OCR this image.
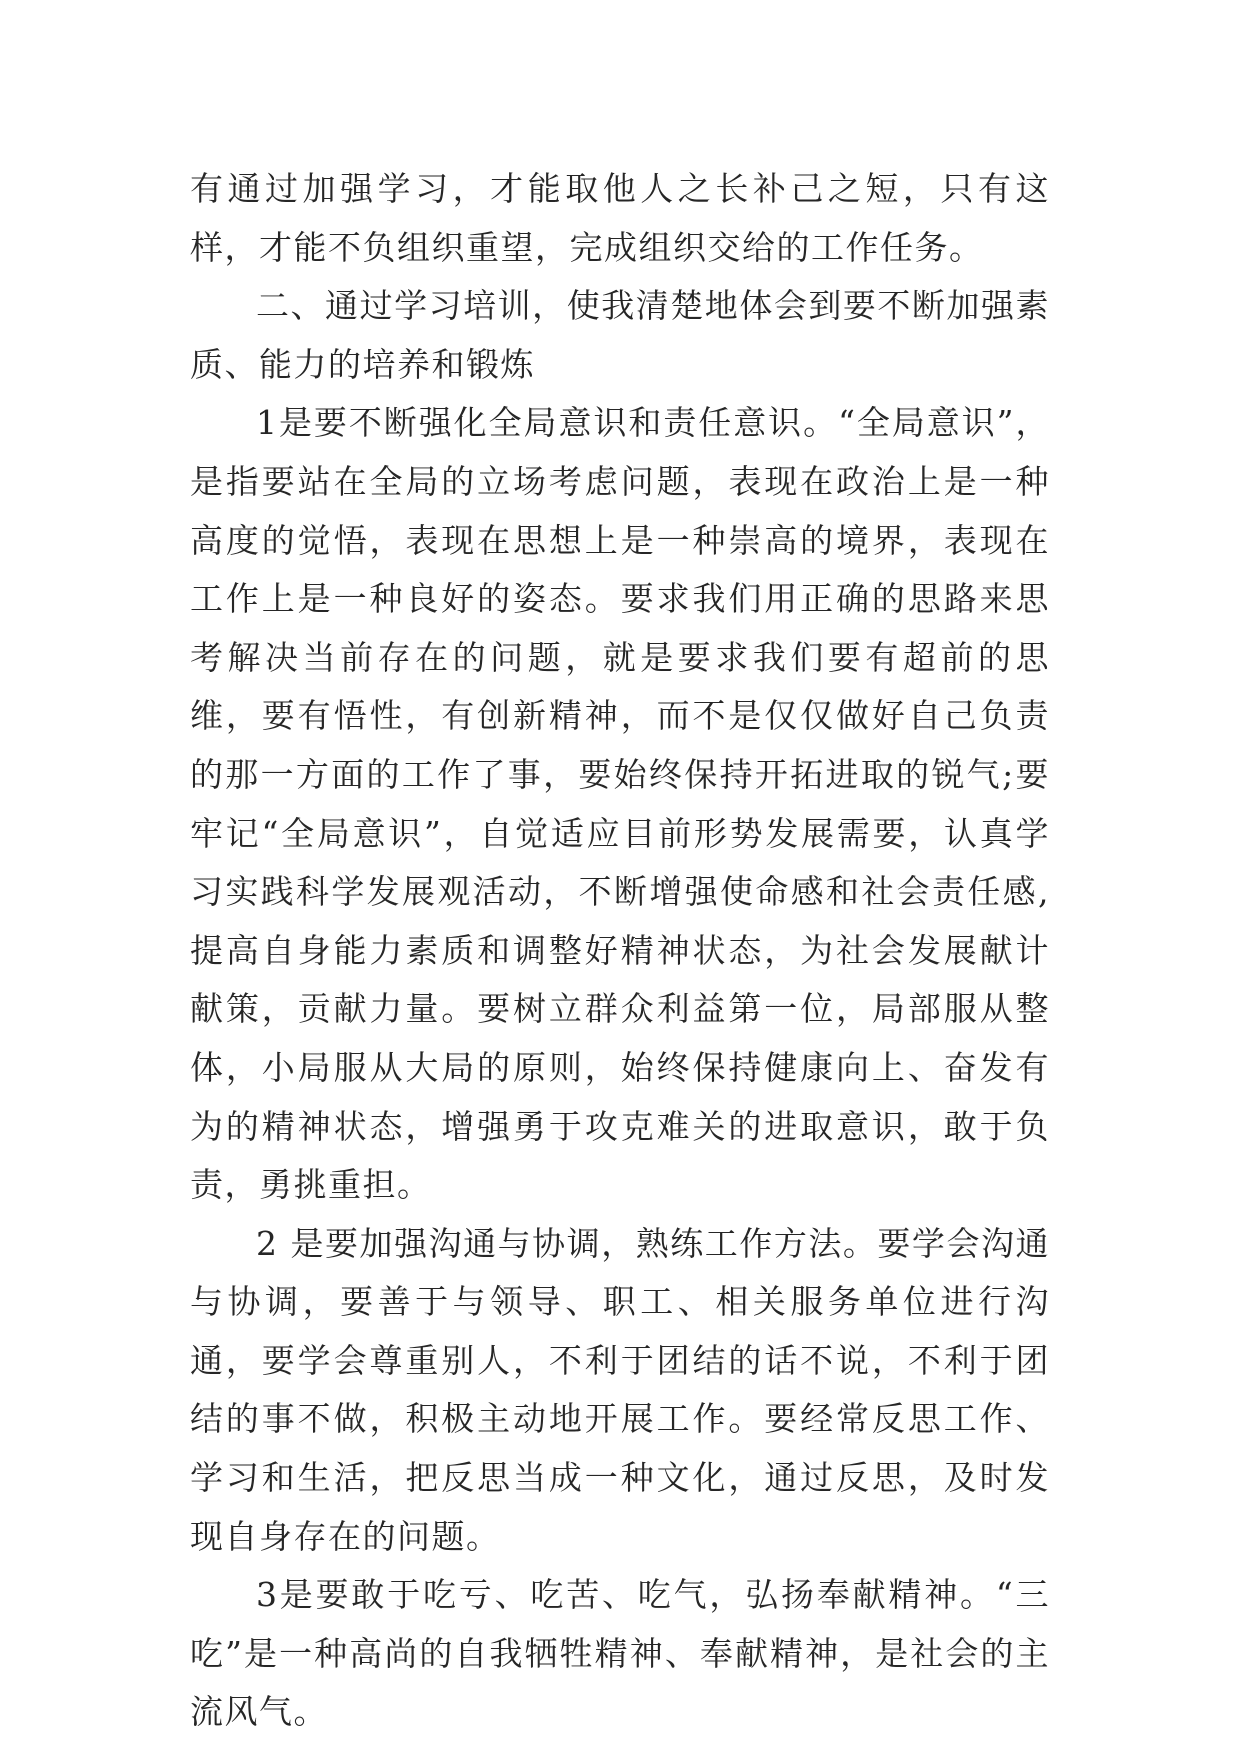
有通过加强学习，才能取他人之长补己之短，只有这样，才能不负组织重望，完成组织交给的工作任务。

二、通过学习培训，使我清楚地体会到要不断加强素质、能力的培养和锻炼

1是要不断强化全局意识和责任意识。“全局意识”，是指要站在全局的立场考虑问题，表现在政治上是一种高度的觉悟，表现在思想上是一种崇高的境界，表现在工作上是一种良好的姿态。要求我们用正确的思路来思考解决当前存在的问题，就是要求我们要有超前的思维，要有悟性，有创新精神，而不是仅仅做好自己负责的那一方面的工作了事，要始终保持开拓进取的锐气;要牢记“全局意识”，自觉适应目前形势发展需要，认真学习实践科学发展观活动，不断增强使命感和社会责任感,提高自身能力素质和调整好精神状态，为社会发展献计献策，贡献力量。要树立群众利益第一位，局部服从整体，小局服从大局的原则，始终保持健康向上、奋发有为的精神状态，增强勇于攻克难关的进取意识，敢于负责，勇挑重担。

2 是要加强沟通与协调，熟练工作方法。要学会沟通与协调，要善于与领导、职工、相关服务单位进行沟通，要学会尊重别人，不利于团结的话不说，不利于团结的事不做，积极主动地开展工作。要经常反思工作、学习和生活，把反思当成一种文化，通过反思，及时发现自身存在的问题。

3是要敢于吃亏、吃苦、吃气，弘扬奉献精神。“三吃”是一种高尚的自我牺牲精神、奉献精神，是社会的主流风气。
